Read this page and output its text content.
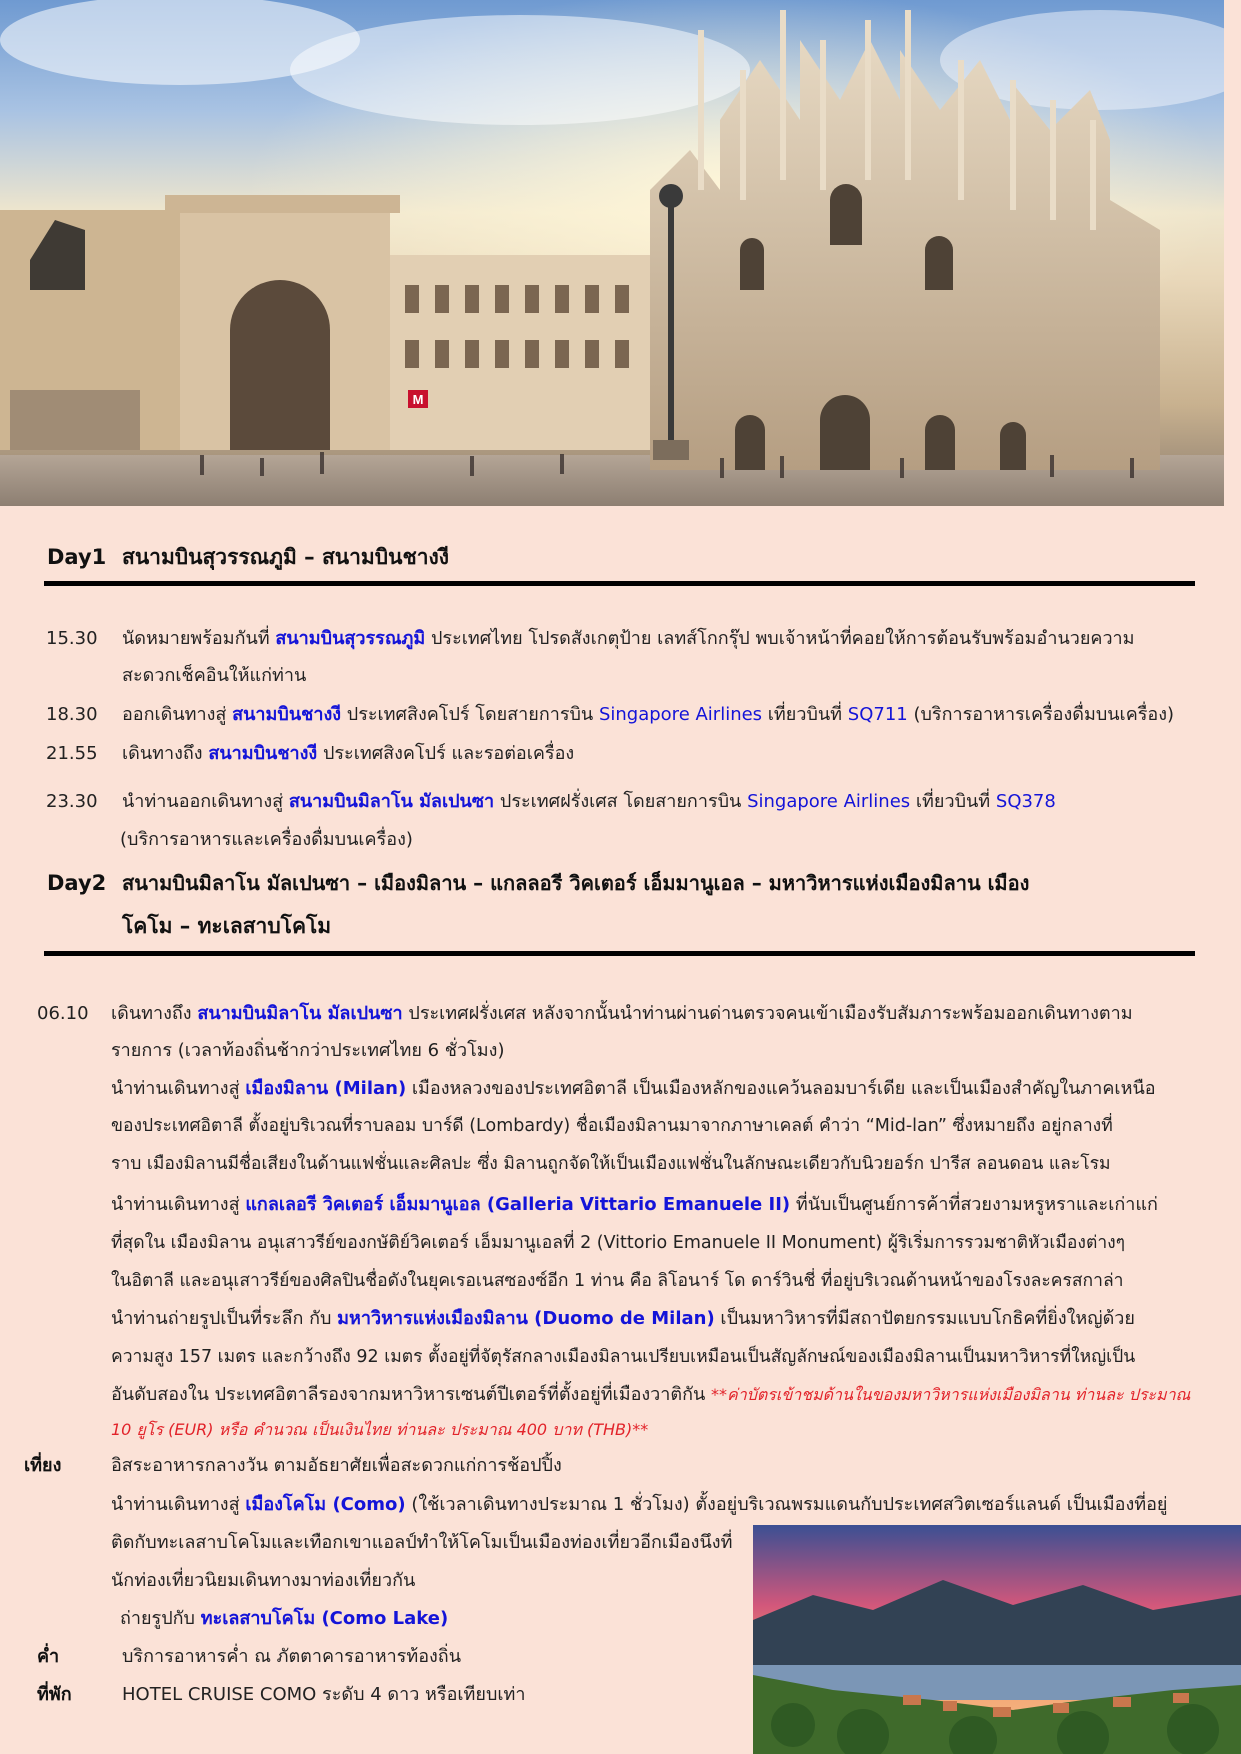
M
Day1 สนามบินสุวรรณภูมิ – สนามบินชางงี
15.30 นัดหมายพร้อมกันที่ สนามบินสุวรรณภูมิ ประเทศไทย โปรดสังเกตุป้าย เลทส์โกกรุ๊ป พบเจ้าหน้าที่คอยให้การต้อนรับพร้อมอำนวยความ
สะดวกเช็คอินให้แก่ท่าน
18.30 ออกเดินทางสู่ สนามบินชางงี ประเทศสิงคโปร์ โดยสายการบิน Singapore Airlines เที่ยวบินที่ SQ711 (บริการอาหารเครื่องดื่มบนเครื่อง)
21.55 เดินทางถึง สนามบินชางงี ประเทศสิงคโปร์ และรอต่อเครื่อง
23.30 นำท่านออกเดินทางสู่ สนามบินมิลาโน มัลเปนซา ประเทศฝรั่งเศส โดยสายการบิน Singapore Airlines เที่ยวบินที่ SQ378
(บริการอาหารและเครื่องดื่มบนเครื่อง)
Day2 สนามบินมิลาโน มัลเปนซา – เมืองมิลาน – แกลลอรี วิคเตอร์ เอ็มมานูเอล – มหาวิหารแห่งเมืองมิลาน เมือง
โคโม – ทะเลสาบโคโม
06.10 เดินทางถึง สนามบินมิลาโน มัลเปนซา ประเทศฝรั่งเศส หลังจากนั้นนำท่านผ่านด่านตรวจคนเข้าเมืองรับสัมภาระพร้อมออกเดินทางตาม
รายการ (เวลาท้องถิ่นช้ากว่าประเทศไทย 6 ชั่วโมง)
นำท่านเดินทางสู่ เมืองมิลาน (Milan) เมืองหลวงของประเทศอิตาลี เป็นเมืองหลักของแคว้นลอมบาร์เดีย และเป็นเมืองสำคัญในภาคเหนือ
ของประเทศอิตาลี ตั้งอยู่บริเวณที่ราบลอม บาร์ดี (Lombardy) ชื่อเมืองมิลานมาจากภาษาเคลต์ คำว่า “Mid-lan” ซึ่งหมายถึง อยู่กลางที่
ราบ เมืองมิลานมีชื่อเสียงในด้านแฟชั่นและศิลปะ ซึ่ง มิลานถูกจัดให้เป็นเมืองแฟชั่นในลักษณะเดียวกับนิวยอร์ก ปารีส ลอนดอน และโรม
นำท่านเดินทางสู่ แกลเลอรี วิคเตอร์ เอ็มมานูเอล (Galleria Vittario Emanuele II) ที่นับเป็นศูนย์การค้าที่สวยงามหรูหราและเก่าแก่
ที่สุดใน เมืองมิลาน อนุเสาวรีย์ของกษัติย์วิคเตอร์ เอ็มมานูเอลที่ 2 (Vittorio Emanuele II Monument) ผู้ริเริ่มการรวมชาติหัวเมืองต่างๆ
ในอิตาลี และอนุเสาวรีย์ของศิลปินชื่อดังในยุคเรอเนสซองซ์อีก 1 ท่าน คือ ลิโอนาร์ โด ดาร์วินชี่ ที่อยู่บริเวณด้านหน้าของโรงละครสกาล่า
นำท่านถ่ายรูปเป็นที่ระลึก กับ มหาวิหารแห่งเมืองมิลาน (Duomo de Milan) เป็นมหาวิหารที่มีสถาปัตยกรรมแบบโกธิคที่ยิ่งใหญ่ด้วย
ความสูง 157 เมตร และกว้างถึง 92 เมตร ตั้งอยู่ที่จัตุรัสกลางเมืองมิลานเปรียบเหมือนเป็นสัญลักษณ์ของเมืองมิลานเป็นมหาวิหารที่ใหญ่เป็น
อันดับสองใน ประเทศอิตาลีรองจากมหาวิหารเซนต์ปีเตอร์ที่ตั้งอยู่ที่เมืองวาติกัน **ค่าบัตรเข้าชมด้านในของมหาวิหารแห่งเมืองมิลาน ท่านละ ประมาณ
10 ยูโร (EUR) หรือ คำนวณ เป็นเงินไทย ท่านละ ประมาณ 400 บาท (THB)**
เที่ยง	อิสระอาหารกลางวัน ตามอัธยาศัยเพื่อสะดวกแก่การช้อปปิ้ง
นำท่านเดินทางสู่ เมืองโคโม (Como) (ใช้เวลาเดินทางประมาณ 1 ชั่วโมง) ตั้งอยู่บริเวณพรมแดนกับประเทศสวิตเซอร์แลนด์ เป็นเมืองที่อยู่
ติดกับทะเลสาบโคโมและเทือกเขาแอลป์ทำให้โคโมเป็นเมืองท่องเที่ยวอีกเมืองนึงที่
นักท่องเที่ยวนิยมเดินทางมาท่องเที่ยวกัน
ถ่ายรูปกับ ทะเลสาบโคโม (Como Lake)
ค่ำ	บริการอาหารค่ำ ณ ภัตตาคารอาหารท้องถิ่น
ที่พัก	HOTEL CRUISE COMO ระดับ 4 ดาว หรือเทียบเท่า
